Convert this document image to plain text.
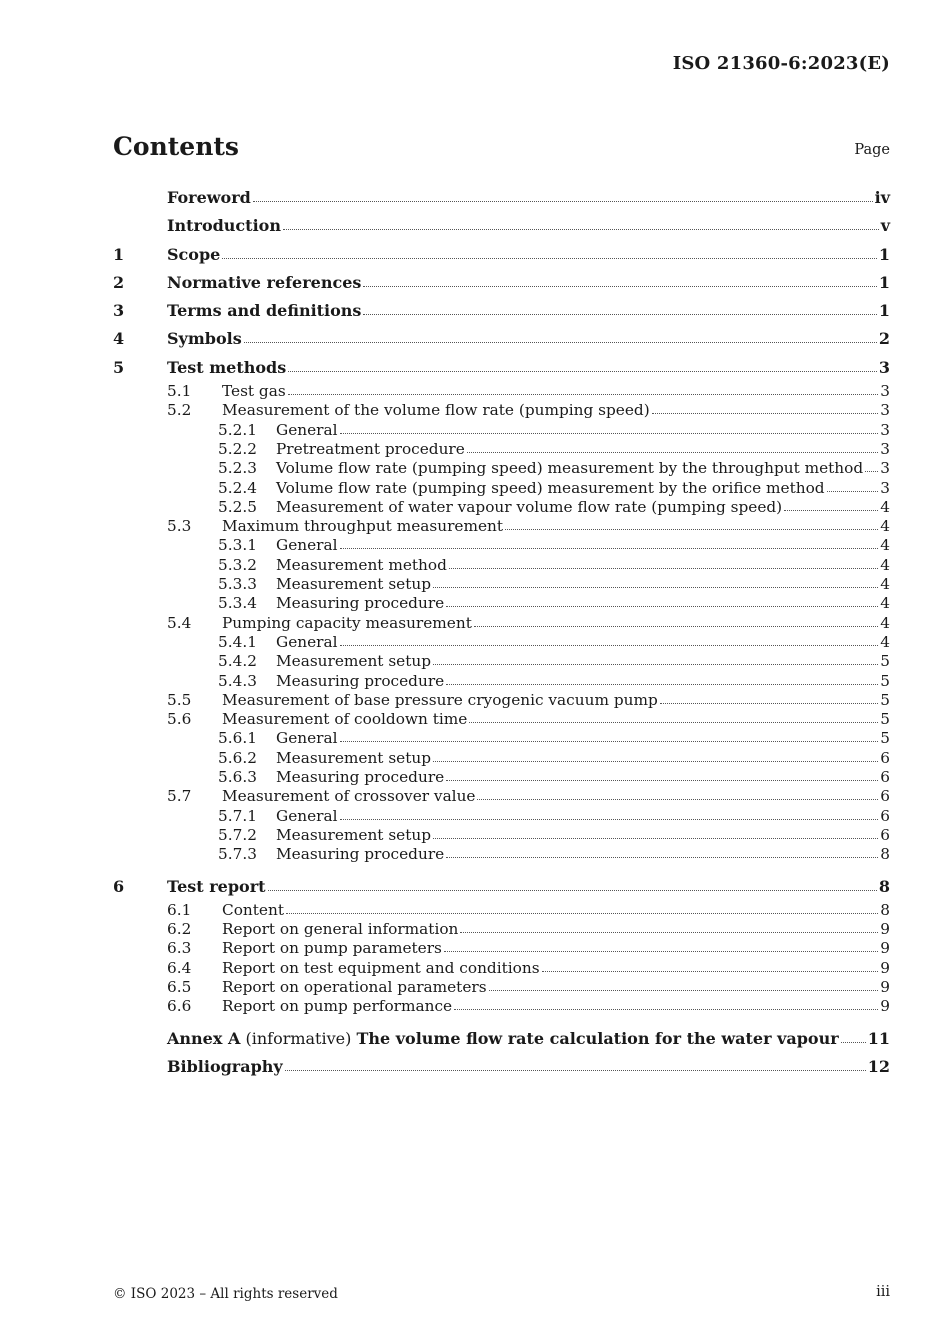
ISO 21360-6:2023(E)
Contents	Page
Foreword	iv
Introduction	v
1	Scope	1
2	Normative references	1
3	Terms and definitions	1
4	Symbols	2
5	Test methods	3
5.1	Test gas	3
5.2	Measurement of the volume flow rate (pumping speed)	3
5.2.1	General	3
5.2.2	Pretreatment procedure	3
5.2.3	Volume flow rate (pumping speed) measurement by the throughput method 3
5.2.4	Volume flow rate (pumping speed) measurement by the orifice method	3
5.2.5	Measurement of water vapour volume flow rate (pumping speed)	4
5.3	Maximum throughput measurement	4
5.3.1	General	4
5.3.2	Measurement method	4
5.3.3	Measurement setup	4
5.3.4	Measuring procedure	4
5.4	Pumping capacity measurement	4
5.4.1	General	4
5.4.2	Measurement setup	5
5.4.3	Measuring procedure	5
5.5	Measurement of base pressure cryogenic vacuum pump	5
5.6	Measurement of cooldown time	5
5.6.1	General	5
5.6.2	Measurement setup	6
5.6.3	Measuring procedure	6
5.7	Measurement of crossover value	6
5.7.1	General	6
5.7.2	Measurement setup	6
5.7.3	Measuring procedure	8
6	Test report	8
6.1	Content	8
6.2	Report on general information	9
6.3	Report on pump parameters	9
6.4	Report on test equipment and conditions	9
6.5	Report on operational parameters	9
6.6	Report on pump performance	9
Annex A (informative) The volume flow rate calculation for the water vapour 11
Bibliography	12
© ISO 2023 – All rights reserved	iii
